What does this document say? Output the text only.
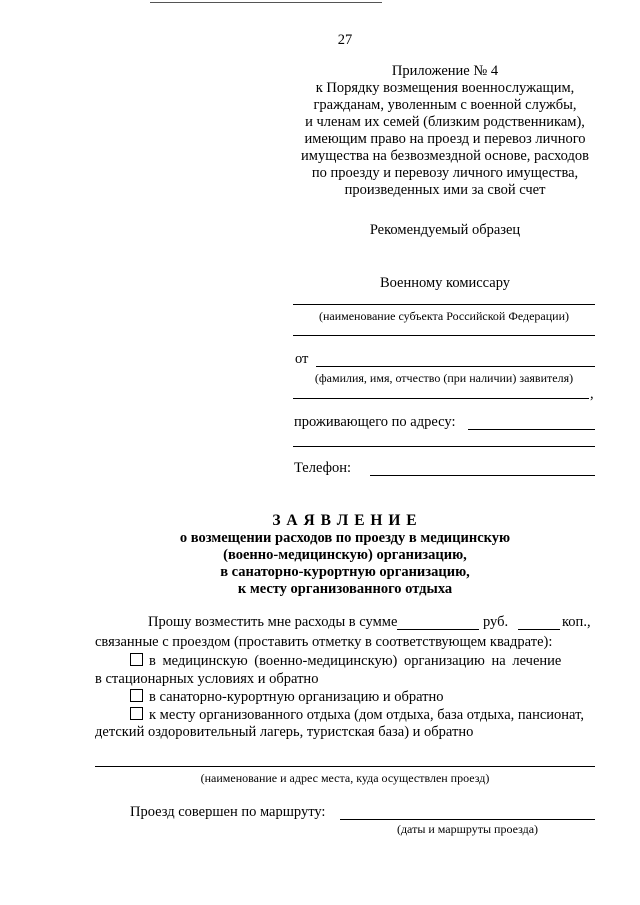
27
Приложение № 4
к Порядку возмещения военнослужащим,
гражданам, уволенным с военной службы,
и членам их семей (близким родственникам),
имеющим право на проезд и перевоз личного
имущества на безвозмездной основе, расходов
по проезду и перевозу личного имущества,
произведенных ими за свой счет
Рекомендуемый образец
Военному комиссару
(наименование субъекта Российской Федерации)
от
(фамилия, имя, отчество (при наличии) заявителя)
,
проживающего по адресу:
Телефон:
З А Я В Л Е Н И Е
о возмещении расходов по проезду в медицинскую
(военно-медицинскую) организацию,
в санаторно-курортную организацию,
к месту организованного отдыха
Прошу возместить мне расходы в сумме	руб.	коп.,
связанные с проездом (проставить отметку в соответствующем квадрате):
в медицинскую (военно-медицинскую) организацию на лечение
в стационарных условиях и обратно
в санаторно-курортную организацию и обратно
к месту организованного отдыха (дом отдыха, база отдыха, пансионат,
детский оздоровительный лагерь, туристская база) и обратно
(наименование и адрес места, куда осуществлен проезд)
Проезд совершен по маршруту:
(даты и маршруты проезда)
